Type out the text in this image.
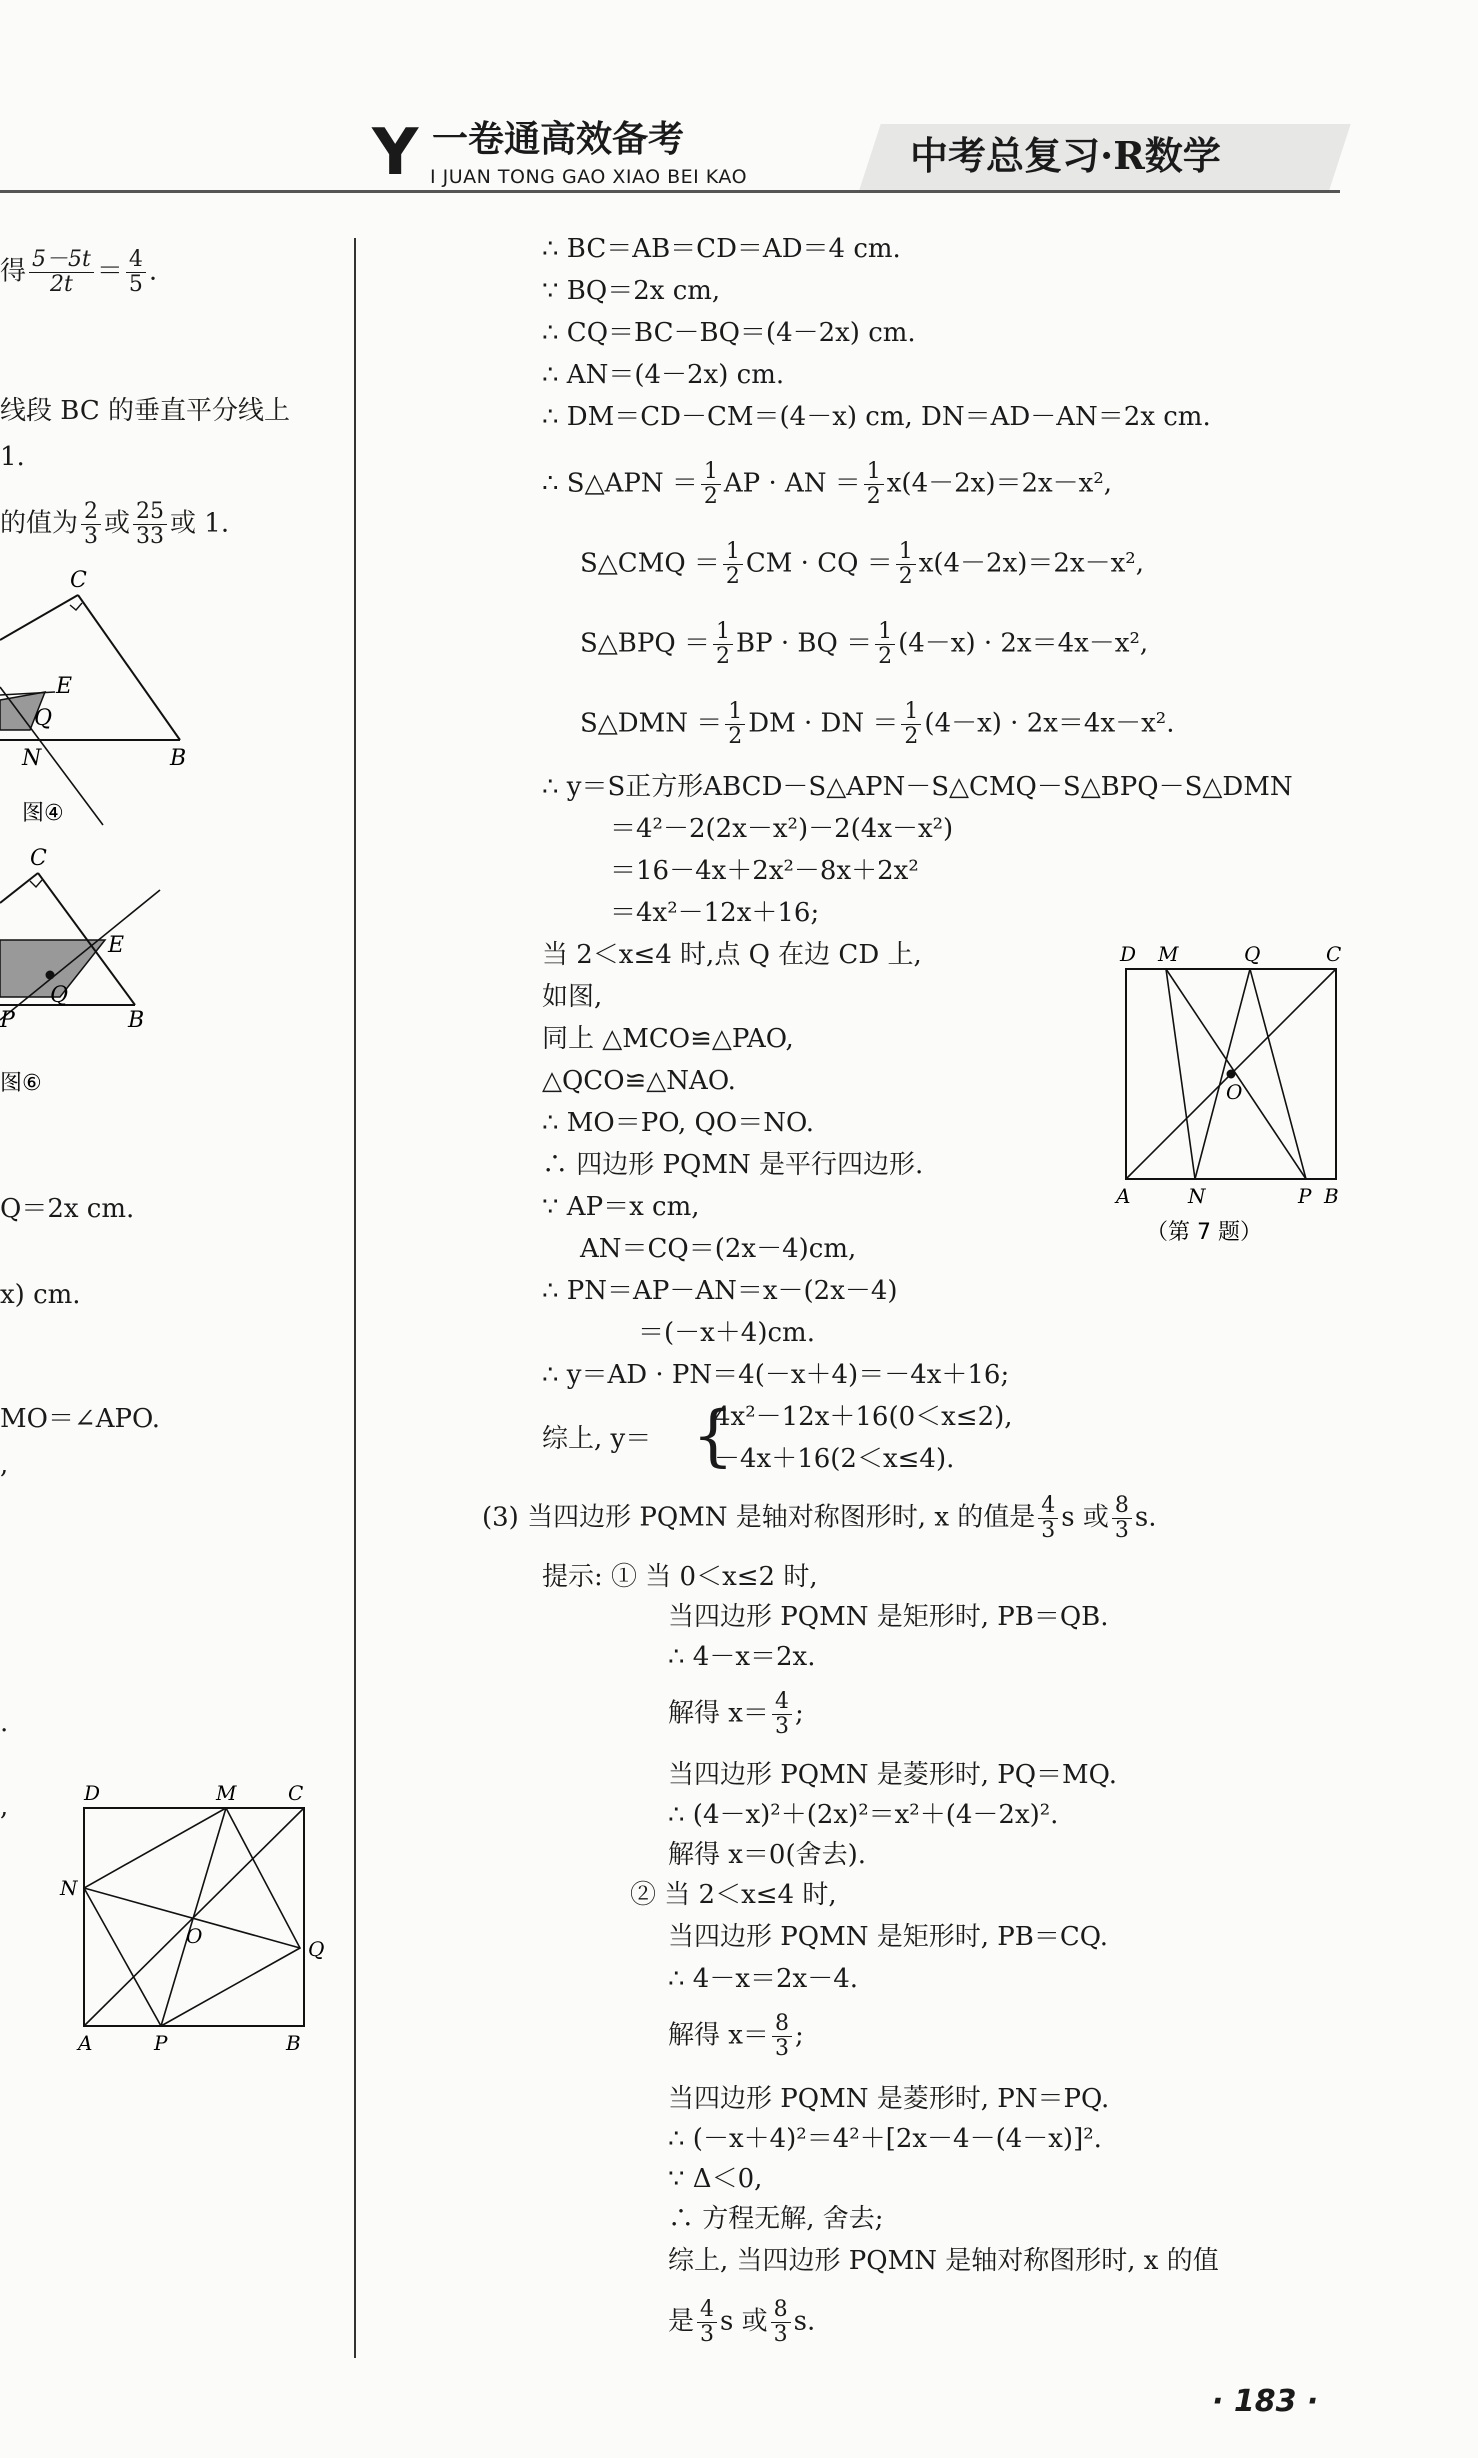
Y 一卷通高效备考
I JUAN TONG GAO XIAO BEI KAO	中考总复习·R数学
得 $\frac{5-5t}{2t} = \frac{4}{5}$ .
线段 BC 的垂直平分线上
1.
的值为 $\frac{2}{3}$ 或 $\frac{25}{33}$ 或 1.
C
E
Q
N	B
图④
C
E
Q
P	B
图⑥
Q＝2x cm.
x) cm.
MO＝∠APO.
,
.
,	D	M	C
N
O
Q
A	P	B
∴ BC＝AB＝CD＝AD＝4 cm.
∵ BQ＝2x cm,
∴ CQ＝BC－BQ＝(4－2x) cm.
∴ AN＝(4－2x) cm.
∴ DM＝CD－CM＝(4－x) cm, DN＝AD－AN＝2x cm.
∴ S△APN ＝ $\frac{1}{2}$ AP · AN ＝ $\frac{1}{2} x(4-2x)=2x-x^2$,
S△CMQ ＝ $\frac{1}{2}$ CM · CQ ＝ $\frac{1}{2} x(4-2x)=2x-x^2$,
S△BPQ ＝ $\frac{1}{2}$ BP · BQ ＝ $\frac{1}{2} (4-x) \cdot 2x=4x-x^2$,
S△DMN ＝ $\frac{1}{2}$ DM · DN ＝ $\frac{1}{2} (4-x) \cdot 2x=4x-x^2$.
∴ y＝S正方形ABCD－S△APN－S△CMQ－S△BPQ－S△DMN
＝4²－2(2x－x²)－2(4x－x²)
＝16－4x＋2x²－8x＋2x²
＝4x²－12x＋16;
当 2＜x≤4 时,点 Q 在边 CD 上,
如图,
同上 △MCO≌△PAO,
△QCO≌△NAO.
∴ MO＝PO, QO＝NO.
∴ 四边形 PQMN 是平行四边形.
∵ AP＝x cm,
AN＝CQ＝(2x－4)cm,
∴ PN＝AP－AN＝x－(2x－4)
＝(－x＋4)cm.
∴ y＝AD · PN＝4(－x＋4)＝－4x＋16;
D M	Q	C
O
A	N	P B
（第 7 题）
综上, y＝ {
4x²－12x＋16(0＜x≤2),
－4x＋16(2＜x≤4).
(3) 当四边形 PQMN 是轴对称图形时, x 的值是 $\frac{4}{3}$ s 或 $\frac{8}{3} s$.
提示: ① 当 0＜x≤2 时,
当四边形 PQMN 是矩形时, PB＝QB.
∴ 4－x＝2x.
解得 $x= \frac{4}{3}$ ;
当四边形 PQMN 是菱形时, PQ＝MQ.
∴ (4－x)²＋(2x)²＝x²＋(4－2x)².
解得 x＝0(舍去).
② 当 2＜x≤4 时,
当四边形 PQMN 是矩形时, PB＝CQ.
∴ 4－x＝2x－4.
解得 $x= \frac{8}{3}$ ;
当四边形 PQMN 是菱形时, PN＝PQ.
∴ (－x＋4)²＝4²＋[2x－4－(4－x)]².
∵ Δ＜0,
∴ 方程无解, 舍去;
综上, 当四边形 PQMN 是轴对称图形时, x 的值
是 $\frac{4}{3}$ s 或 $\frac{8}{3} s$.
· 183 ·
